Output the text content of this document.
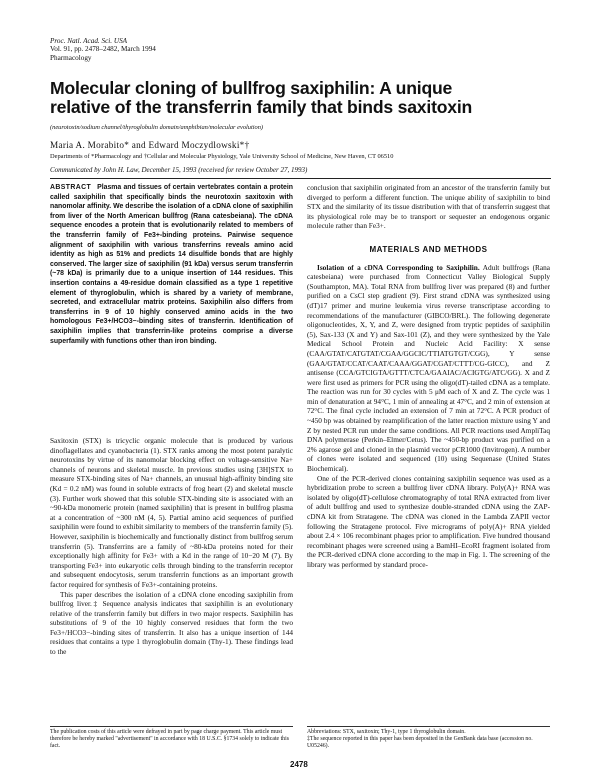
Proc. Natl. Acad. Sci. USA
Vol. 91, pp. 2478–2482, March 1994
Pharmacology
Molecular cloning of bullfrog saxiphilin: A unique relative of the transferrin family that binds saxitoxin
(neurotoxin/sodium channel/thyroglobulin domain/amphibian/molecular evolution)
Maria A. Morabito* and Edward Moczydlowski*†
Departments of *Pharmacology and †Cellular and Molecular Physiology, Yale University School of Medicine, New Haven, CT 06510
Communicated by John H. Law, December 15, 1993 (received for review October 27, 1993)

ABSTRACT Plasma and tissues of certain vertebrates contain a protein called saxiphilin that specifically binds the neurotoxin saxitoxin with nanomolar affinity. We describe the isolation of a cDNA clone of saxiphilin from liver of the North American bullfrog (Rana catesbeiana). The cDNA sequence encodes a protein that is evolutionarily related to members of the transferrin family of Fe3+-binding proteins. Pairwise sequence alignment of saxiphilin with various transferrins reveals amino acid identity as high as 51% and predicts 14 disulfide bonds that are highly conserved. The larger size of saxiphilin (91 kDa) versus serum transferrin (~78 kDa) is primarily due to a unique insertion of 144 residues. This insertion contains a 49-residue domain classified as a type 1 repetitive element of thyroglobulin, which is shared by a variety of membrane, secreted, and extracellular matrix proteins. Saxiphilin also differs from transferrins in 9 of 10 highly conserved amino acids in the two homologous Fe3+/HCO3−-binding sites of transferrin. Identification of saxiphilin implies that transferrin-like proteins comprise a diverse superfamily with functions other than iron binding.

Saxitoxin (STX) is tricyclic organic molecule that is produced by various dinoflagellates and cyanobacteria (1). STX ranks among the most potent paralytic neurotoxins by virtue of its nanomolar blocking effect on voltage-sensitive Na+ channels of neurons and skeletal muscle. In previous studies using [3H]STX to measure STX-binding sites of Na+ channels, an unusual high-affinity binding site (Kd = 0.2 nM) was found in soluble extracts of frog heart (2) and skeletal muscle (3). Further work showed that this soluble STX-binding site is associated with an ~90-kDa monomeric protein (named saxiphilin) that is present in bullfrog plasma at a concentration of ~300 nM (4, 5). Partial amino acid sequences of purified saxiphilin were found to exhibit similarity to members of the transferrin family (5). However, saxiphilin is biochemically and functionally distinct from bullfrog serum transferrin (5). Transferrins are a family of ~80-kDa proteins noted for their exceptionally high affinity for Fe3+ with a Kd in the range of 10−20 M (7). By transporting Fe3+ into eukaryotic cells through binding to the transferrin receptor and subsequent endocytosis, serum transferrin functions as an important growth factor required for synthesis of Fe3+-containing proteins.

This paper describes the isolation of a cDNA clone encoding saxiphilin from bullfrog liver.‡ Sequence analysis indicates that saxiphilin is an evolutionary relative of the transferrin family but differs in two major respects. Saxiphilin has substitutions of 9 of the 10 highly conserved residues that form the two Fe3+/HCO3−-binding sites of transferrin. It also has a unique insertion of 144 residues that contains a type 1 thyroglobulin domain (Thy-1). These findings lead to the

conclusion that saxiphilin originated from an ancestor of the transferrin family but diverged to perform a different function. The unique ability of saxiphilin to bind STX and the similarity of its tissue distribution with that of transferrin suggest that its physiological role may be to transport or sequester an endogenous organic molecule rather than Fe3+.

MATERIALS AND METHODS

Isolation of a cDNA Corresponding to Saxiphilin. Adult bullfrogs (Rana catesbeiana) were purchased from Connecticut Valley Biological Supply (Southampton, MA). Total RNA from bullfrog liver was prepared (8) and further purified on a CsCl step gradient (9). First strand cDNA was synthesized using (dT)17 primer and murine leukemia virus reverse transcriptase according to recommendations of the manufacturer (GIBCO/BRL). The following degenerate oligonucleotides, X, Y, and Z, were designed from tryptic peptides of saxiphilin (5), Sax-133 (X and Y) and Sax-101 (Z), and they were synthesized by the Yale Medical School Protein and Nucleic Acid Facility: X sense (CAA/GTAT/CATGTAT/CGAA/GGCIC/TTIATGTGT/CGG), Y sense (GAA/GTAT/CCAT/CAAT/CAAA/GGAT/CGAT/CTTT/CG-GICC), and Z antisense (CCA/GTCIGTA/GTTT/CTCA/GAAIAC/ACIGTG/ATC/GG). X and Z were first used as primers for PCR using the oligo(dT)-tailed cDNA as a template. The reaction was run for 30 cycles with 5 μM each of X and Z. The cycle was 1 min of denaturation at 94°C, 1 min of annealing at 47°C, and 2 min of extension at 72°C. The final cycle included an extension of 7 min at 72°C. A PCR product of ~450 bp was obtained by reamplification of the latter reaction mixture using Y and Z by nested PCR run under the same conditions. All PCR reactions used AmpliTaq DNA polymerase (Perkin–Elmer/Cetus). The ~450-bp product was purified on a 2% agarose gel and cloned in the plasmid vector pCR1000 (Invitrogen). A number of clones were isolated and sequenced (10) using Sequenase (United States Biochemical).

One of the PCR-derived clones containing saxiphilin sequence was used as a hybridization probe to screen a bullfrog liver cDNA library. Poly(A)+ RNA was isolated by oligo(dT)-cellulose chromatography of total RNA extracted from liver of adult bullfrog and used to synthesize double-stranded cDNA using the ZAP-cDNA kit from Stratagene. The cDNA was cloned in the Lambda ZAPII vector following the Stratagene protocol. Five micrograms of poly(A)+ RNA yielded about 2.4 × 106 recombinant phages prior to amplification. Five hundred thousand recombinant phages were screened using a BamHI–EcoRI fragment isolated from the PCR-derived cDNA clone according to the map in Fig. 1. The screening of the library was performed by standard proce-

The publication costs of this article were defrayed in part by page charge payment. This article must therefore be hereby marked "advertisement" in accordance with 18 U.S.C. §1734 solely to indicate this fact.

Abbreviations: STX, saxitoxin; Thy-1, type 1 thyroglobulin domain.

‡The sequence reported in this paper has been deposited in the GenBank data base (accession no. U05246).

2478
